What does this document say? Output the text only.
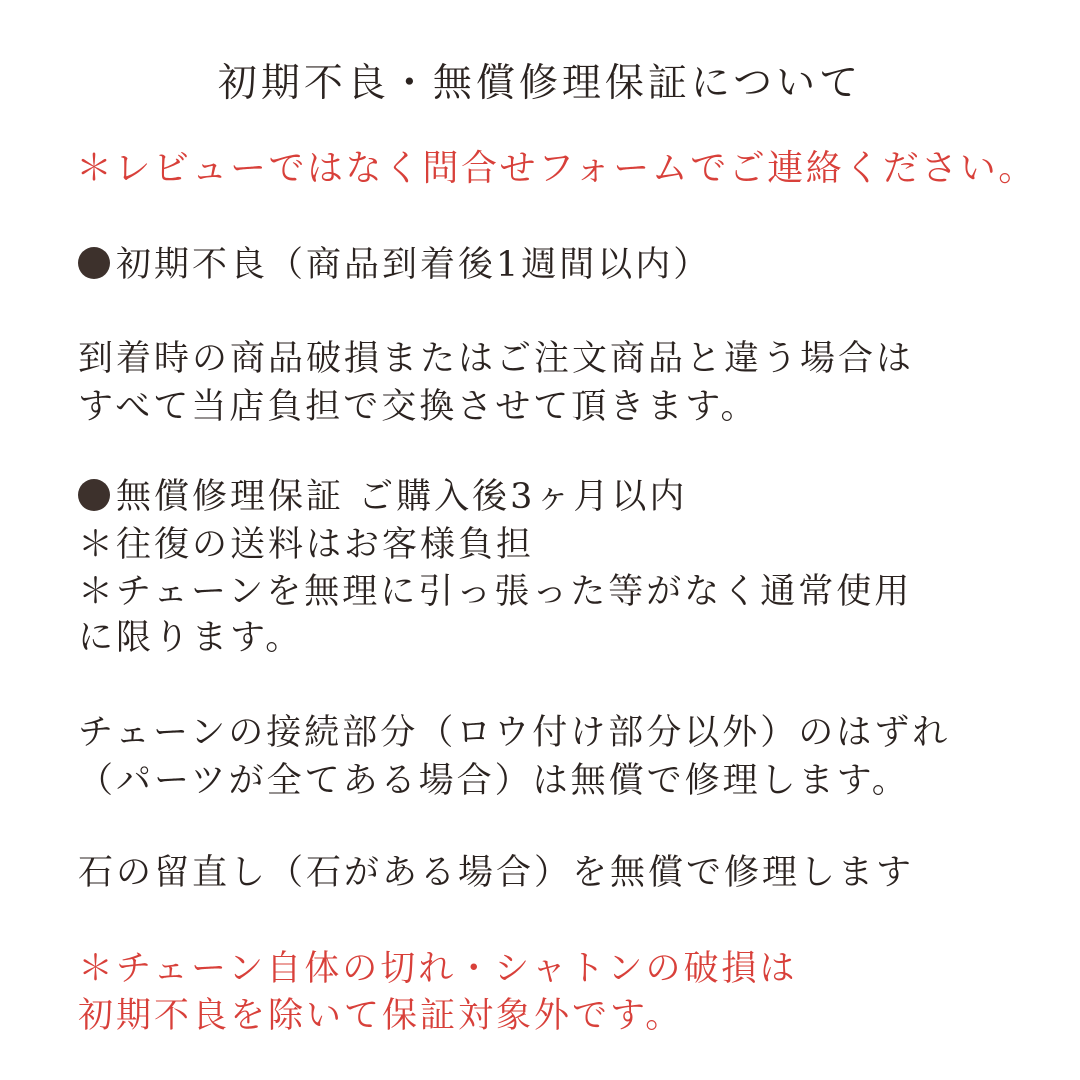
初期不良・無償修理保証について
＊レビューではなく問合せフォームでご連絡ください。
初期不良（商品到着後1週間以内）
到着時の商品破損またはご注文商品と違う場合は
すべて当店負担で交換させて頂きます。
無償修理保証 ご購入後3ヶ月以内
＊往復の送料はお客様負担
＊チェーンを無理に引っ張った等がなく通常使用
に限ります。
チェーンの接続部分（ロウ付け部分以外）のはずれ
（パーツが全てある場合）は無償で修理します。
石の留直し（石がある場合）を無償で修理します
＊チェーン自体の切れ・シャトンの破損は
初期不良を除いて保証対象外です。
